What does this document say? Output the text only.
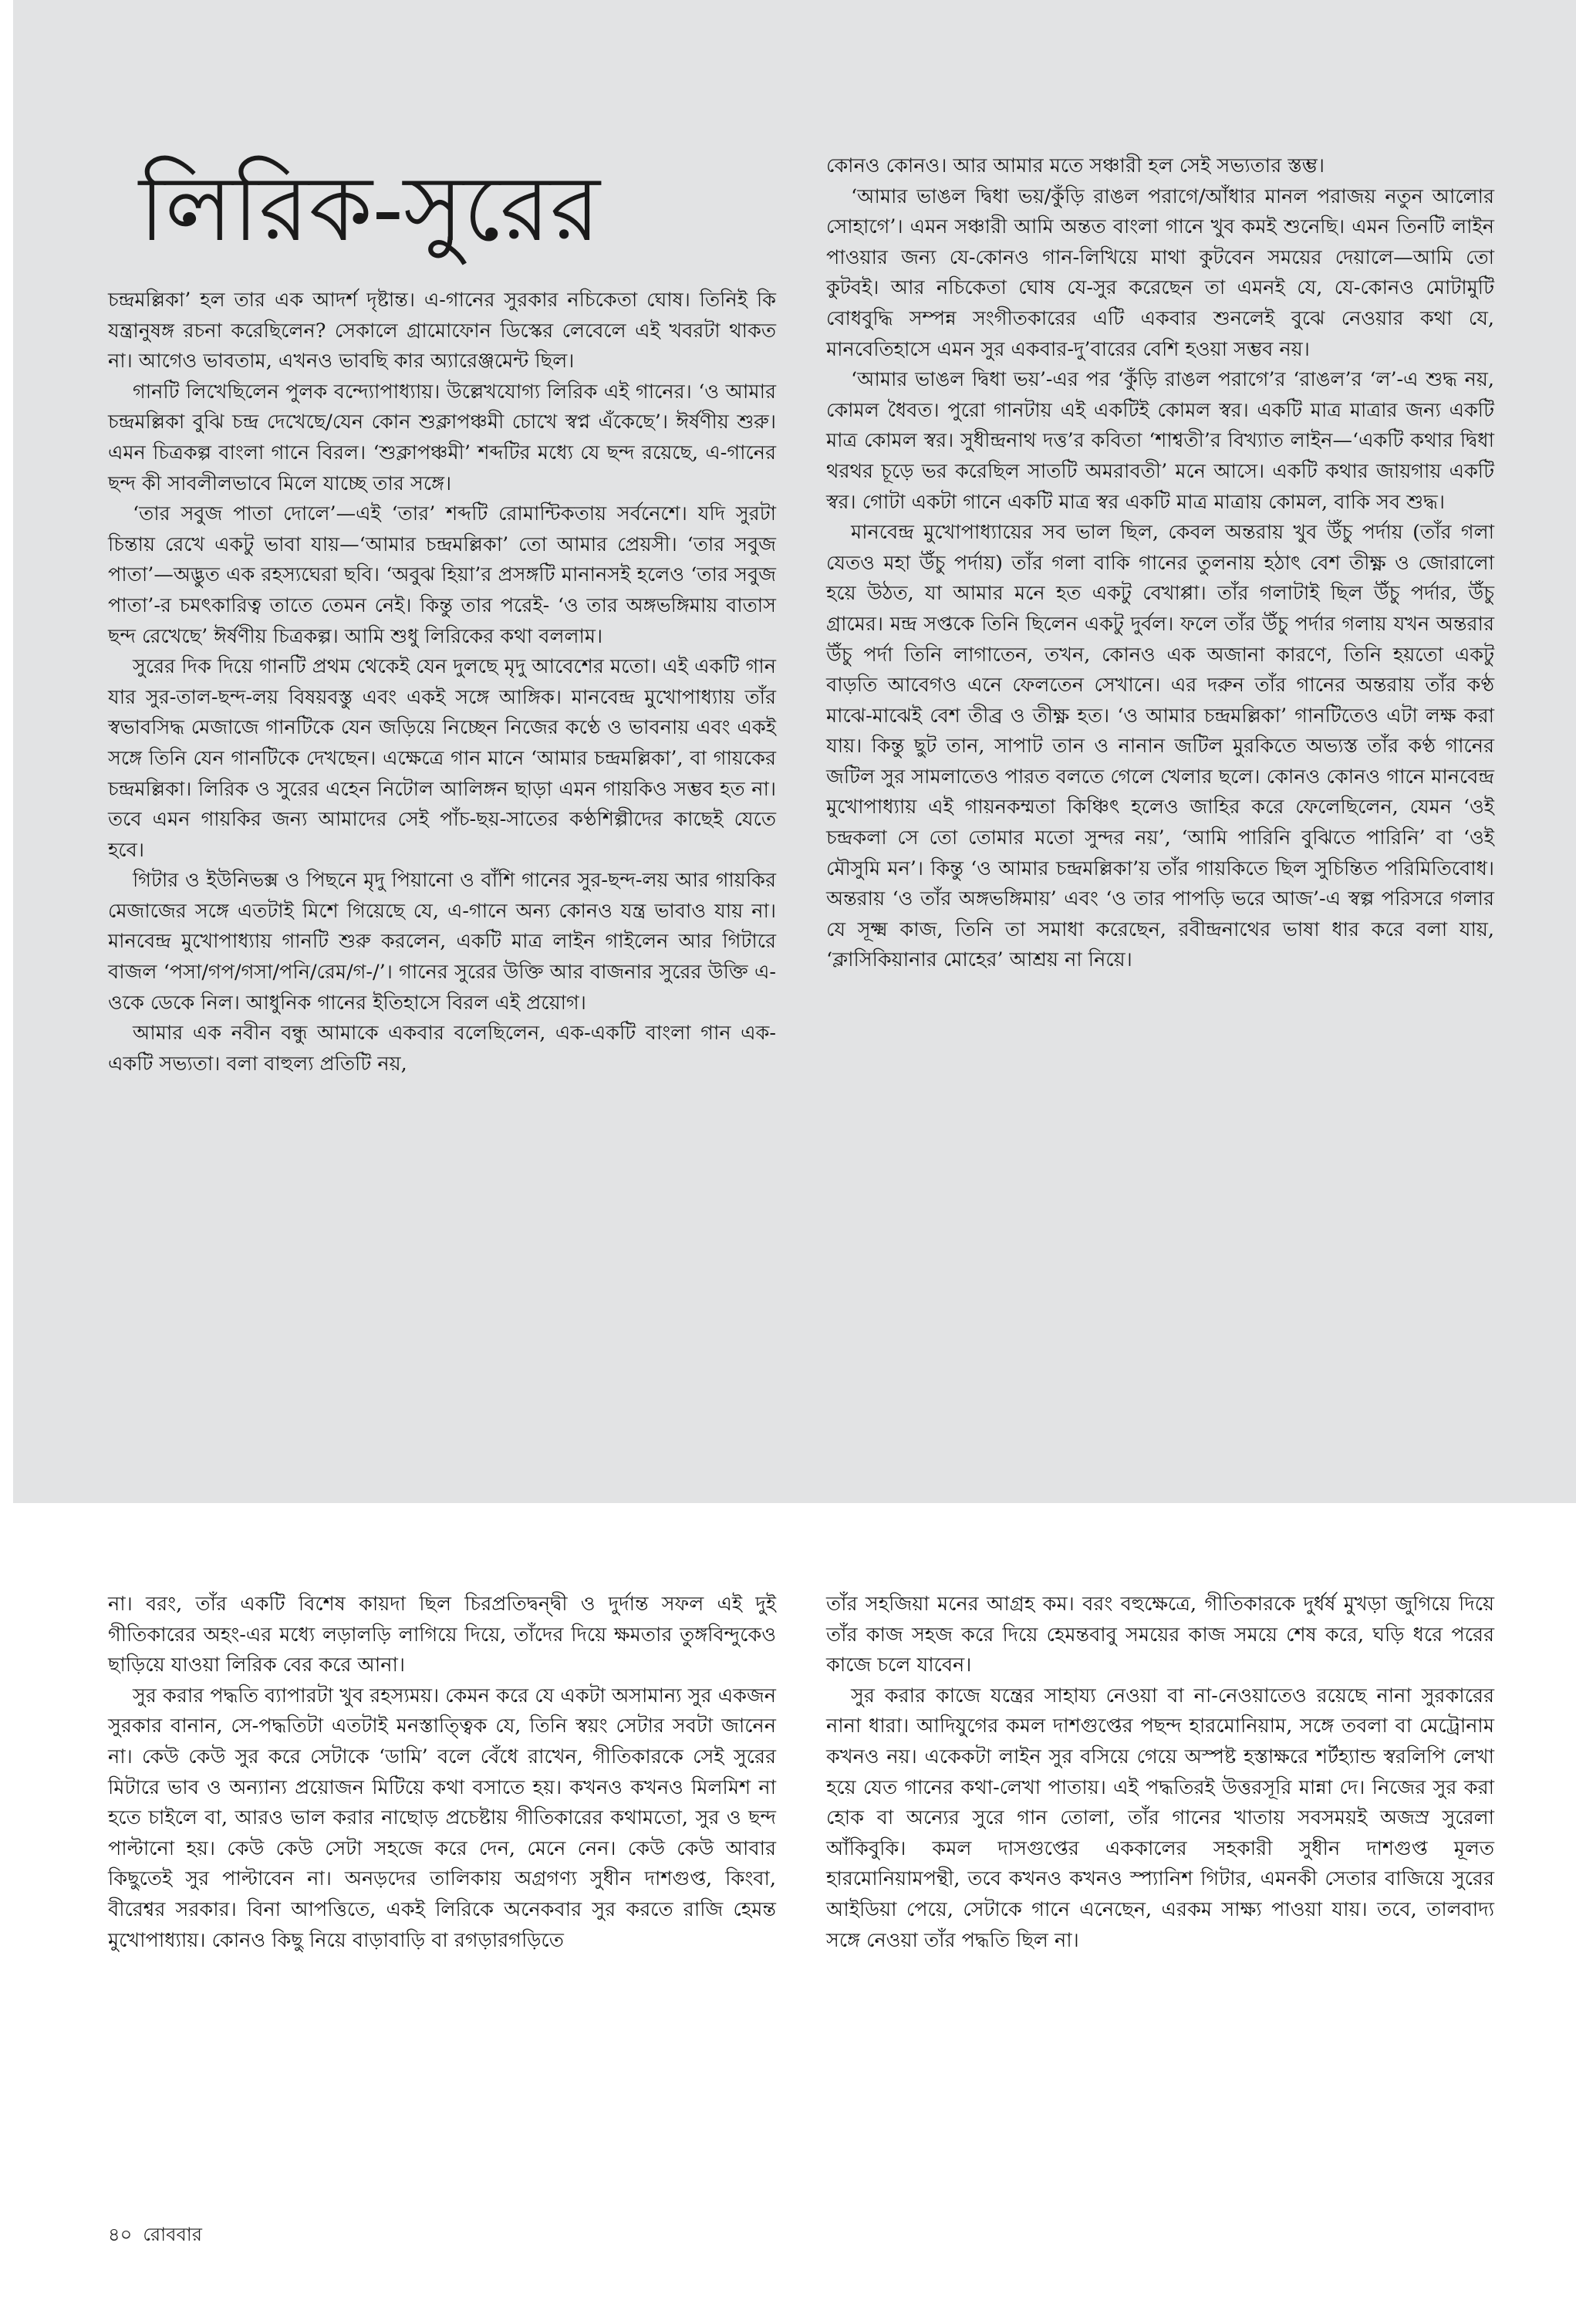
লিরিক-সুরের

চন্দ্রমল্লিকা’ হল তার এক আদর্শ দৃষ্টান্ত। এ-গানের সুরকার নচিকেতা ঘোষ। তিনিই কি যন্ত্রানুষঙ্গ রচনা করেছিলেন? সেকালে গ্রামোফোন ডিস্কের লেবেলে এই খবরটা থাকত না। আগেও ভাবতাম, এখনও ভাবছি কার অ্যারেঞ্জমেন্ট ছিল।

গানটি লিখেছিলেন পুলক বন্দ্যোপাধ্যায়। উল্লেখযোগ্য লিরিক এই গানের। ‘ও আমার চন্দ্রমল্লিকা বুঝি চন্দ্র দেখেছে/যেন কোন শুক্লাপঞ্চমী চোখে স্বপ্ন এঁকেছে’। ঈর্ষণীয় শুরু। এমন চিত্রকল্প বাংলা গানে বিরল। ‘শুক্লাপঞ্চমী’ শব্দটির মধ্যে যে ছন্দ রয়েছে, এ-গানের ছন্দ কী সাবলীলভাবে মিলে যাচ্ছে তার সঙ্গে।

‘তার সবুজ পাতা দোলে’—এই ‘তার’ শব্দটি রোমান্টিকতায় সর্বনেশে। যদি সুরটা চিন্তায় রেখে একটু ভাবা যায়—‘আমার চন্দ্রমল্লিকা’ তো আমার প্রেয়সী। ‘তার সবুজ পাতা’—অদ্ভুত এক রহস্যঘেরা ছবি। ‘অবুঝ হিয়া’র প্রসঙ্গটি মানানসই হলেও ‘তার সবুজ পাতা’-র চমৎকারিত্ব তাতে তেমন নেই। কিন্তু তার পরেই- ‘ও তার অঙ্গভঙ্গিমায় বাতাস ছন্দ রেখেছে’ ঈর্ষণীয় চিত্রকল্প। আমি শুধু লিরিকের কথা বললাম।

সুরের দিক দিয়ে গানটি প্রথম থেকেই যেন দুলছে মৃদু আবেশের মতো। এই একটি গান যার সুর-তাল-ছন্দ-লয় বিষয়বস্তু এবং একই সঙ্গে আঙ্গিক। মানবেন্দ্র মুখোপাধ্যায় তাঁর স্বভাবসিদ্ধ মেজাজে গানটিকে যেন জড়িয়ে নিচ্ছেন নিজের কণ্ঠে ও ভাবনায় এবং একই সঙ্গে তিনি যেন গানটিকে দেখছেন। এক্ষেত্রে গান মানে ‘আমার চন্দ্রমল্লিকা’, বা গায়কের চন্দ্রমল্লিকা। লিরিক ও সুরের এহেন নিটোল আলিঙ্গন ছাড়া এমন গায়কিও সম্ভব হত না। তবে এমন গায়কির জন্য আমাদের সেই পাঁচ-ছয়-সাতের কণ্ঠশিল্পীদের কাছেই যেতে হবে।

গিটার ও ইউনিভক্স ও পিছনে মৃদু পিয়ানো ও বাঁশি গানের সুর-ছন্দ-লয় আর গায়কির মেজাজের সঙ্গে এতটাই মিশে গিয়েছে যে, এ-গানে অন্য কোনও যন্ত্র ভাবাও যায় না। মানবেন্দ্র মুখোপাধ্যায় গানটি শুরু করলেন, একটি মাত্র লাইন গাইলেন আর গিটারে বাজল ‘পসা/গপ/গসা/পনি/রেম/গ-/’। গানের সুরের উক্তি আর বাজনার সুরের উক্তি এ-ওকে ডেকে নিল। আধুনিক গানের ইতিহাসে বিরল এই প্রয়োগ।

আমার এক নবীন বন্ধু আমাকে একবার বলেছিলেন, এক-একটি বাংলা গান এক-একটি সভ্যতা। বলা বাহুল্য প্রতিটি নয়,

কোনও কোনও। আর আমার মতে সঞ্চারী হল সেই সভ্যতার স্তম্ভ।

‘আমার ভাঙল দ্বিধা ভয়/কুঁড়ি রাঙল পরাগে/আঁধার মানল পরাজয় নতুন আলোর সোহাগে’। এমন সঞ্চারী আমি অন্তত বাংলা গানে খুব কমই শুনেছি। এমন তিনটি লাইন পাওয়ার জন্য যে-কোনও গান-লিখিয়ে মাথা কুটবেন সময়ের দেয়ালে—আমি তো কুটবই। আর নচিকেতা ঘোষ যে-সুর করেছেন তা এমনই যে, যে-কোনও মোটামুটি বোধবুদ্ধি সম্পন্ন সংগীতকারের এটি একবার শুনলেই বুঝে নেওয়ার কথা যে, মানবেতিহাসে এমন সুর একবার-দু’বারের বেশি হওয়া সম্ভব নয়।

‘আমার ভাঙল দ্বিধা ভয়’-এর পর ‘কুঁড়ি রাঙল পরাগে’র ‘রাঙল’র ‘ল’-এ শুদ্ধ নয়, কোমল ধৈবত। পুরো গানটায় এই একটিই কোমল স্বর। একটি মাত্র মাত্রার জন্য একটি মাত্র কোমল স্বর। সুধীন্দ্রনাথ দত্ত’র কবিতা ‘শাশ্বতী’র বিখ্যাত লাইন—‘একটি কথার দ্বিধা থরথর চূড়ে ভর করেছিল সাতটি অমরাবতী’ মনে আসে। একটি কথার জায়গায় একটি স্বর। গোটা একটা গানে একটি মাত্র স্বর একটি মাত্র মাত্রায় কোমল, বাকি সব শুদ্ধ।

মানবেন্দ্র মুখোপাধ্যায়ের সব ভাল ছিল, কেবল অন্তরায় খুব উঁচু পর্দায় (তাঁর গলা যেতও মহা উঁচু পর্দায়) তাঁর গলা বাকি গানের তুলনায় হঠাৎ বেশ তীক্ষ্ণ ও জোরালো হয়ে উঠত, যা আমার মনে হত একটু বেখাপ্পা। তাঁর গলাটাই ছিল উঁচু পর্দার, উঁচু গ্রামের। মন্দ্র সপ্তকে তিনি ছিলেন একটু দুর্বল। ফলে তাঁর উঁচু পর্দার গলায় যখন অন্তরার উঁচু পর্দা তিনি লাগাতেন, তখন, কোনও এক অজানা কারণে, তিনি হয়তো একটু বাড়তি আবেগও এনে ফেলতেন সেখানে। এর দরুন তাঁর গানের অন্তরায় তাঁর কণ্ঠ মাঝে-মাঝেই বেশ তীব্র ও তীক্ষ্ণ হত। ‘ও আমার চন্দ্রমল্লিকা’ গানটিতেও এটা লক্ষ করা যায়। কিন্তু ছুট তান, সাপাট তান ও নানান জটিল মুরকিতে অভ্যস্ত তাঁর কণ্ঠ গানের জটিল সুর সামলাতেও পারত বলতে গেলে খেলার ছলে। কোনও কোনও গানে মানবেন্দ্র মুখোপাধ্যায় এই গায়নকম্মতা কিঞ্চিৎ হলেও জাহির করে ফেলেছিলেন, যেমন ‘ওই চন্দ্রকলা সে তো তোমার মতো সুন্দর নয়’, ‘আমি পারিনি বুঝিতে পারিনি’ বা ‘ওই মৌসুমি মন’। কিন্তু ‘ও আমার চন্দ্রমল্লিকা’য় তাঁর গায়কিতে ছিল সুচিন্তিত পরিমিতিবোধ। অন্তরায় ‘ও তাঁর অঙ্গভঙ্গিমায়’ এবং ‘ও তার পাপড়ি ভরে আজ’-এ স্বল্প পরিসরে গলার যে সূক্ষ্ম কাজ, তিনি তা সমাধা করেছেন, রবীন্দ্রনাথের ভাষা ধার করে বলা যায়, ‘ক্লাসিকিয়ানার মোহের’ আশ্রয় না নিয়ে।

না। বরং, তাঁর একটি বিশেষ কায়দা ছিল চিরপ্রতিদ্বন্দ্বী ও দুর্দান্ত সফল এই দুই গীতিকারের অহং-এর মধ্যে লড়ালড়ি লাগিয়ে দিয়ে, তাঁদের দিয়ে ক্ষমতার তুঙ্গবিন্দুকেও ছাড়িয়ে যাওয়া লিরিক বের করে আনা।

সুর করার পদ্ধতি ব্যাপারটা খুব রহস্যময়। কেমন করে যে একটা অসামান্য সুর একজন সুরকার বানান, সে-পদ্ধতিটা এতটাই মনস্তাত্ত্বিক যে, তিনি স্বয়ং সেটার সবটা জানেন না। কেউ কেউ সুর করে সেটাকে ‘ডামি’ বলে বেঁধে রাখেন, গীতিকারকে সেই সুরের মিটারে ভাব ও অন্যান্য প্রয়োজন মিটিয়ে কথা বসাতে হয়। কখনও কখনও মিলমিশ না হতে চাইলে বা, আরও ভাল করার নাছোড় প্রচেষ্টায় গীতিকারের কথামতো, সুর ও ছন্দ পাল্টানো হয়। কেউ কেউ সেটা সহজে করে দেন, মেনে নেন। কেউ কেউ আবার কিছুতেই সুর পাল্টাবেন না। অনড়দের তালিকায় অগ্রগণ্য সুধীন দাশগুপ্ত, কিংবা, বীরেশ্বর সরকার। বিনা আপত্তিতে, একই লিরিকে অনেকবার সুর করতে রাজি হেমন্ত মুখোপাধ্যায়। কোনও কিছু নিয়ে বাড়াবাড়ি বা রগড়ারগড়িতে

তাঁর সহজিয়া মনের আগ্রহ কম। বরং বহুক্ষেত্রে, গীতিকারকে দুর্ধর্ষ মুখড়া জুগিয়ে দিয়ে তাঁর কাজ সহজ করে দিয়ে হেমন্তবাবু সময়ের কাজ সময়ে শেষ করে, ঘড়ি ধরে পরের কাজে চলে যাবেন।

সুর করার কাজে যন্ত্রের সাহায্য নেওয়া বা না-নেওয়াতেও রয়েছে নানা সুরকারের নানা ধারা। আদিযুগের কমল দাশগুপ্তের পছন্দ হারমোনিয়াম, সঙ্গে তবলা বা মেট্রোনাম কখনও নয়। একেকটা লাইন সুর বসিয়ে গেয়ে অস্পষ্ট হস্তাক্ষরে শর্টহ্যান্ড স্বরলিপি লেখা হয়ে যেত গানের কথা-লেখা পাতায়। এই পদ্ধতিরই উত্তরসূরি মান্না দে। নিজের সুর করা হোক বা অন্যের সুরে গান তোলা, তাঁর গানের খাতায় সবসময়ই অজস্র সুরেলা আঁকিবুকি। কমল দাসগুপ্তের এককালের সহকারী সুধীন দাশগুপ্ত মূলত হারমোনিয়ামপন্থী, তবে কখনও কখনও স্প্যানিশ গিটার, এমনকী সেতার বাজিয়ে সুরের আইডিয়া পেয়ে, সেটাকে গানে এনেছেন, এরকম সাক্ষ্য পাওয়া যায়। তবে, তালবাদ্য সঙ্গে নেওয়া তাঁর পদ্ধতি ছিল না।

৪০ রোববার
